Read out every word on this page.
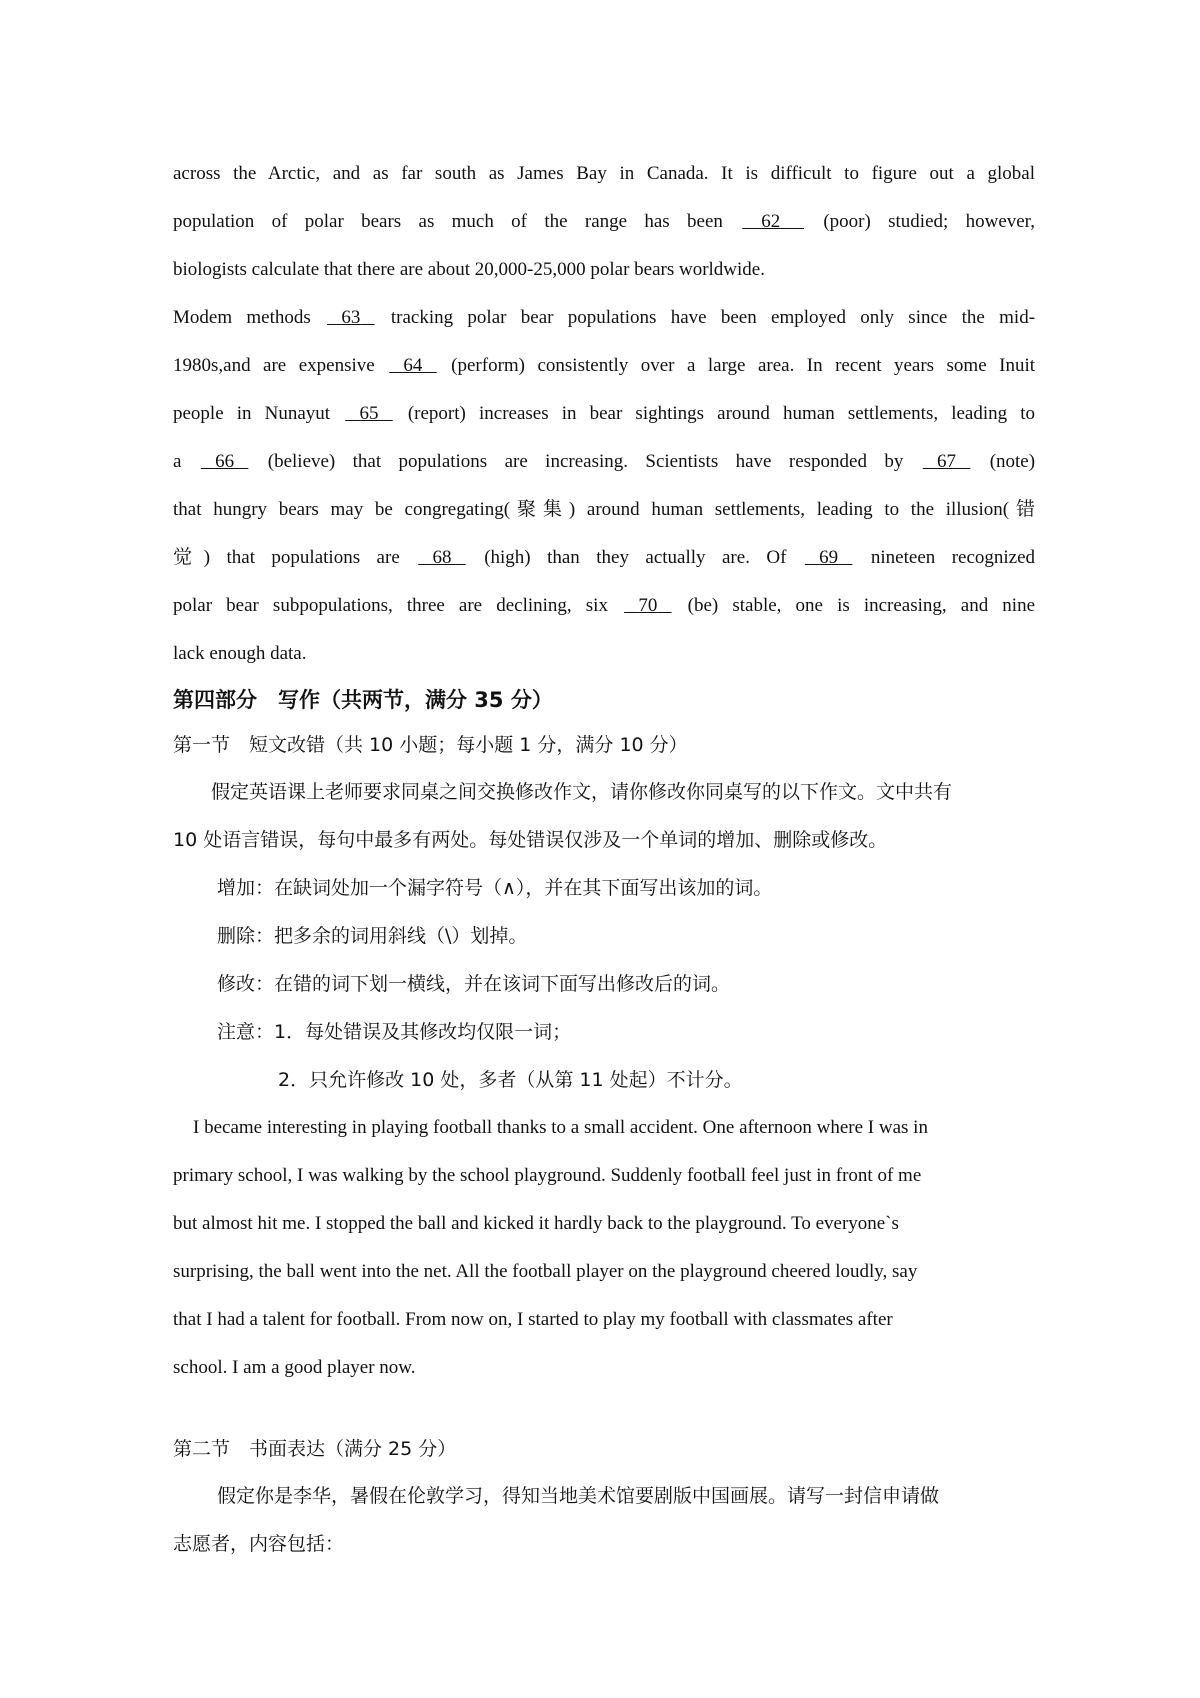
across the Arctic, and as far south as James Bay in Canada. It is difficult to figure out a global
population of polar bears as much of the range has been 62 (poor) studied; however,
biologists calculate that there are about 20,000-25,000 polar bears worldwide.
Modem methods 63 tracking polar bear populations have been employed only since the mid-
1980s,and are expensive 64 (perform) consistently over a large area. In recent years some Inuit
people in Nunayut 65 (report) increases in bear sightings around human settlements, leading to
a 66 (believe) that populations are increasing. Scientists have responded by 67 (note)
that hungry bears may be congregating(聚集) around human settlements, leading to the illusion(错
觉) that populations are 68 (high) than they actually are. Of 69 nineteen recognized
polar bear subpopulations, three are declining, six 70 (be) stable, one is increasing, and nine
lack enough data.
第四部分　写作（共两节，满分 35 分）
第一节　短文改错（共 10 小题；每小题 1 分，满分 10 分）
假定英语课上老师要求同桌之间交换修改作文，请你修改你同桌写的以下作文。文中共有
10 处语言错误，每句中最多有两处。每处错误仅涉及一个单词的增加、删除或修改。
增加：在缺词处加一个漏字符号（∧），并在其下面写出该加的词。
删除：把多余的词用斜线（\）划掉。
修改：在错的词下划一横线，并在该词下面写出修改后的词。
注意：1．每处错误及其修改均仅限一词；
2．只允许修改 10 处，多者（从第 11 处起）不计分。
I became interesting in playing football thanks to a small accident. One afternoon where I was in
primary school, I was walking by the school playground. Suddenly football feel just in front of me
but almost hit me. I stopped the ball and kicked it hardly back to the playground. To everyone`s
surprising, the ball went into the net. All the football player on the playground cheered loudly, say
that I had a talent for football. From now on, I started to play my football with classmates after
school. I am a good player now.
第二节　书面表达（满分 25 分）
假定你是李华，暑假在伦敦学习，得知当地美术馆要剧版中国画展。请写一封信申请做
志愿者，内容包括：
